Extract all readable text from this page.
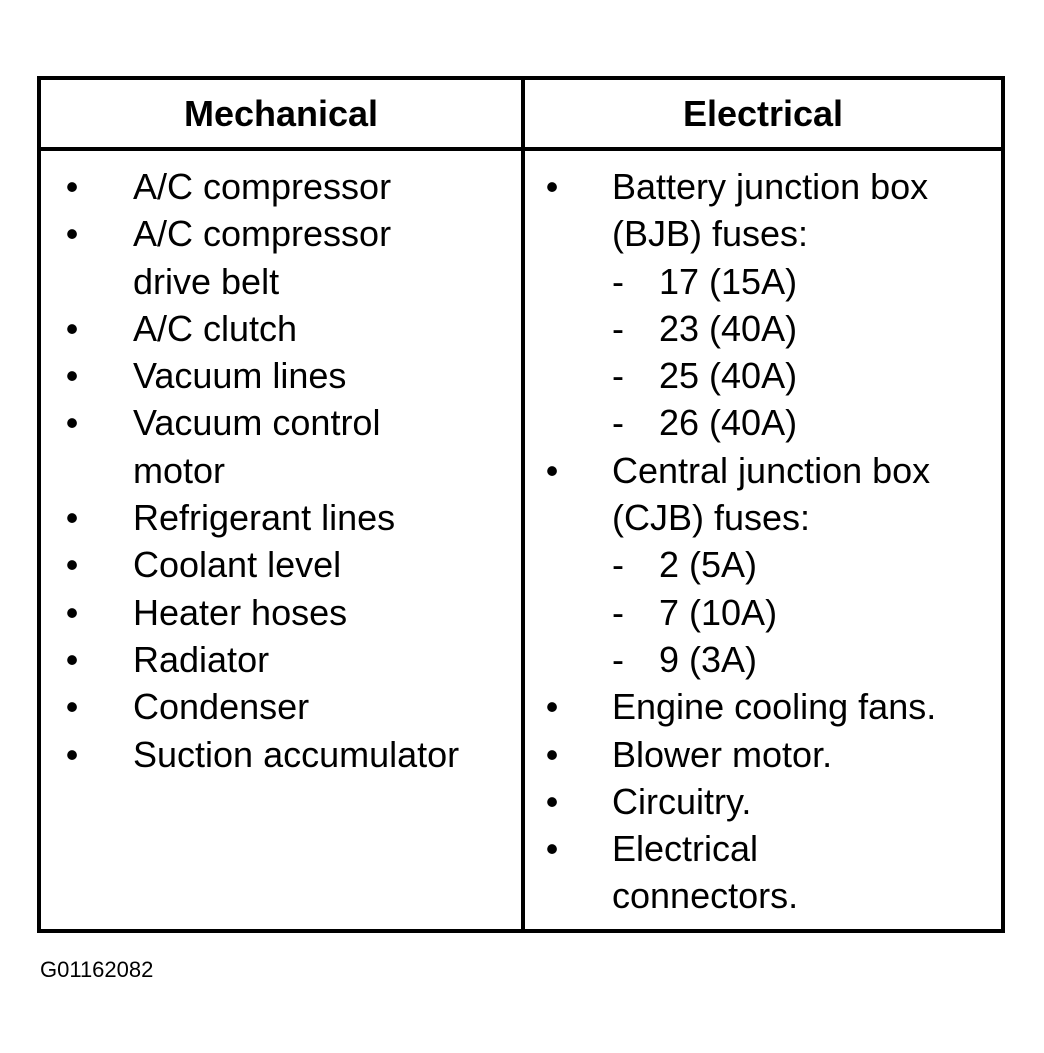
Mechanical	Electrical
• A/C compressor
• A/C compressor drive belt
• A/C clutch
• Vacuum lines
• Vacuum control motor
• Refrigerant lines
• Coolant level
• Heater hoses
• Radiator
• Condenser
• Suction accumulator
• Battery junction box (BJB) fuses:
- 17 (15A)
- 23 (40A)
- 25 (40A)
- 26 (40A)
• Central junction box (CJB) fuses:
- 2 (5A)
- 7 (10A)
- 9 (3A)
• Engine cooling fans.
• Blower motor.
• Circuitry.
• Electrical connectors.
G01162082
